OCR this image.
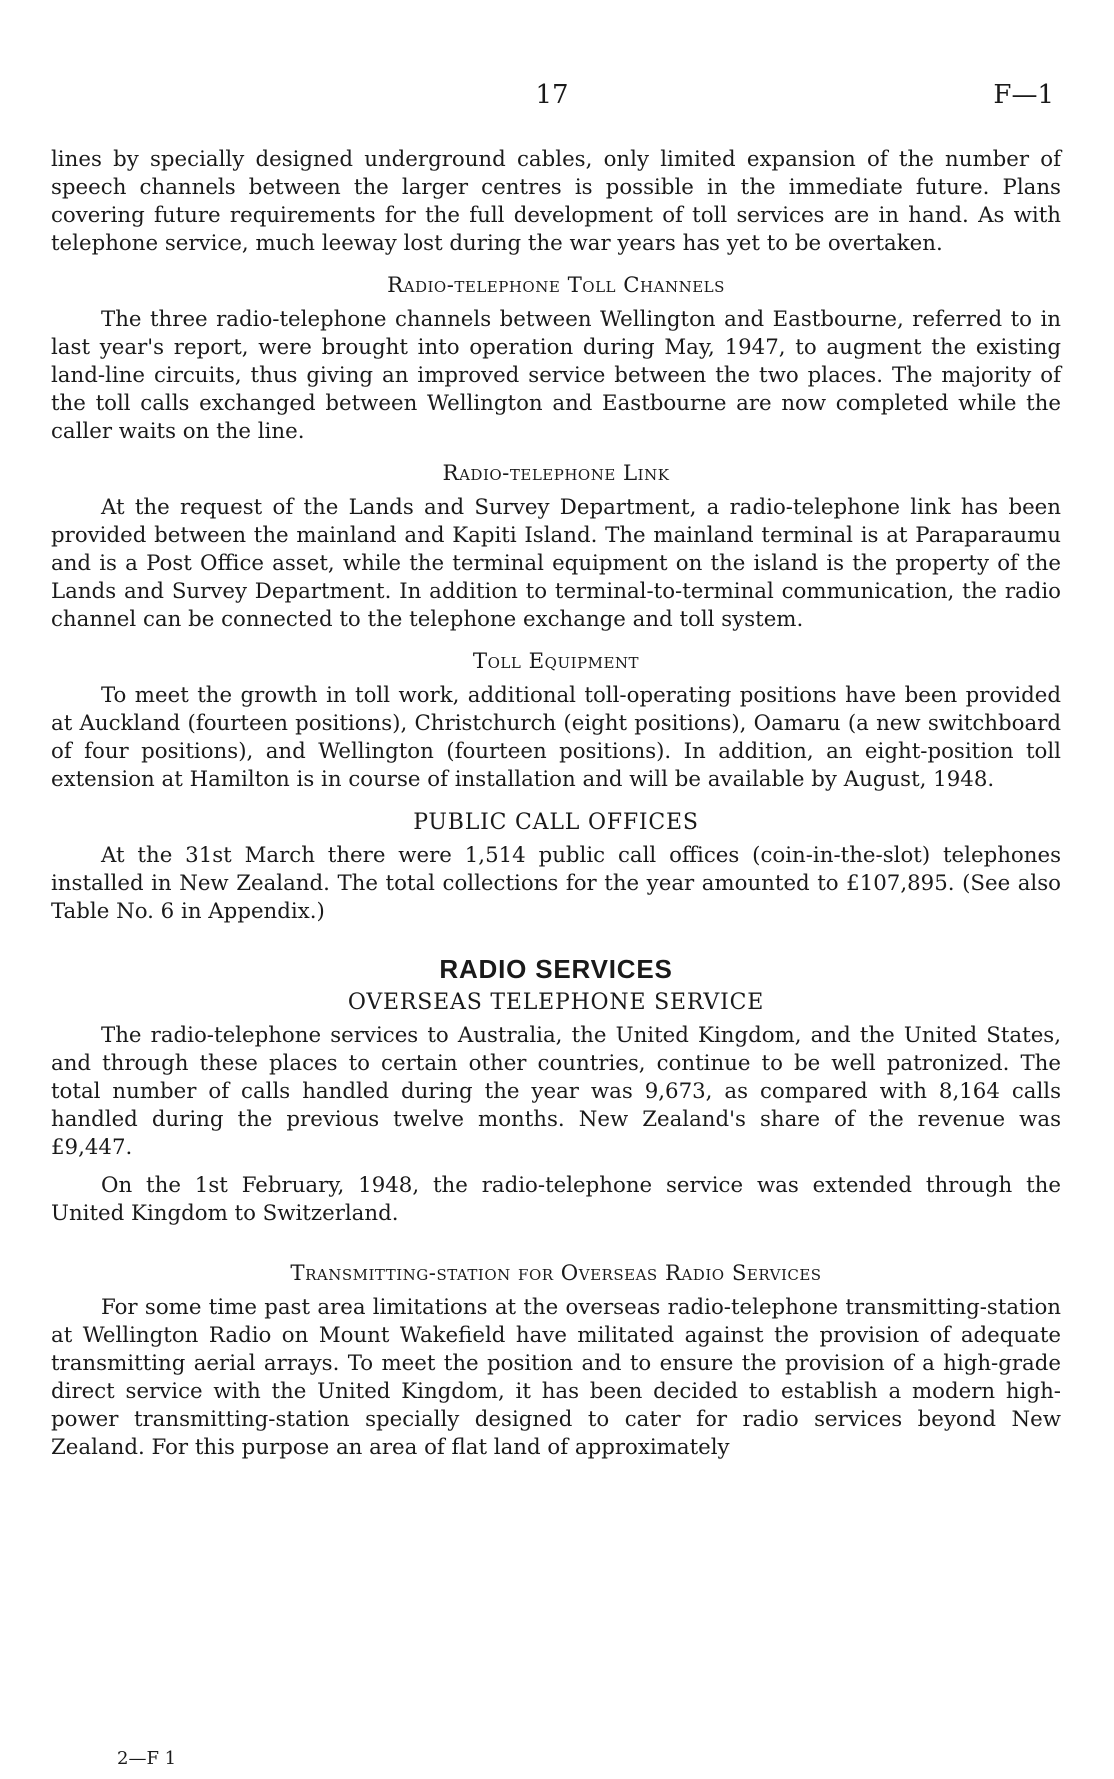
17	F—1

lines by specially designed underground cables, only limited expansion of the number of speech channels between the larger centres is possible in the immediate future. Plans covering future requirements for the full development of toll services are in hand. As with telephone service, much leeway lost during the war years has yet to be overtaken.

Radio-telephone Toll Channels

The three radio-telephone channels between Wellington and Eastbourne, referred to in last year's report, were brought into operation during May, 1947, to augment the existing land-line circuits, thus giving an improved service between the two places. The majority of the toll calls exchanged between Wellington and Eastbourne are now completed while the caller waits on the line.

Radio-telephone Link

At the request of the Lands and Survey Department, a radio-telephone link has been provided between the mainland and Kapiti Island. The mainland terminal is at Paraparaumu and is a Post Office asset, while the terminal equipment on the island is the property of the Lands and Survey Department. In addition to terminal-to-terminal communication, the radio channel can be connected to the telephone exchange and toll system.

Toll Equipment

To meet the growth in toll work, additional toll-operating positions have been provided at Auckland (fourteen positions), Christchurch (eight positions), Oamaru (a new switchboard of four positions), and Wellington (fourteen positions). In addition, an eight-position toll extension at Hamilton is in course of installation and will be available by August, 1948.

PUBLIC CALL OFFICES

At the 31st March there were 1,514 public call offices (coin-in-the-slot) telephones installed in New Zealand. The total collections for the year amounted to £107,895. (See also Table No. 6 in Appendix.)

RADIO SERVICES
OVERSEAS TELEPHONE SERVICE

The radio-telephone services to Australia, the United Kingdom, and the United States, and through these places to certain other countries, continue to be well patronized. The total number of calls handled during the year was 9,673, as compared with 8,164 calls handled during the previous twelve months. New Zealand's share of the revenue was £9,447.

On the 1st February, 1948, the radio-telephone service was extended through the United Kingdom to Switzerland.

Transmitting-station for Overseas Radio Services

For some time past area limitations at the overseas radio-telephone transmitting-station at Wellington Radio on Mount Wakefield have militated against the provision of adequate transmitting aerial arrays. To meet the position and to ensure the provision of a high-grade direct service with the United Kingdom, it has been decided to establish a modern high-power transmitting-station specially designed to cater for radio services beyond New Zealand. For this purpose an area of flat land of approximately

2—F 1
